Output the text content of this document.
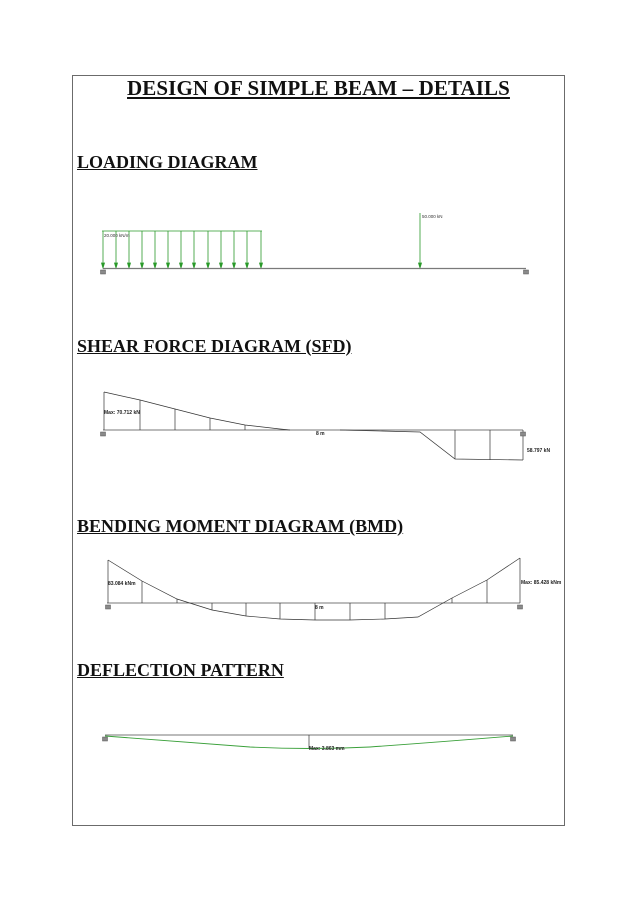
DESIGN OF SIMPLE BEAM – DETAILS
LOADING DIAGRAM
SHEAR FORCE DIAGRAM (SFD)
BENDING MOMENT DIAGRAM (BMD)
DEFLECTION PATTERN
20.000 kN/m
50.000 kN
Max: 70.712 kN
8 m
58.797 kN
83.084 kNm
8 m
Max: 85.428 kNm
Max: 3.863 mm
